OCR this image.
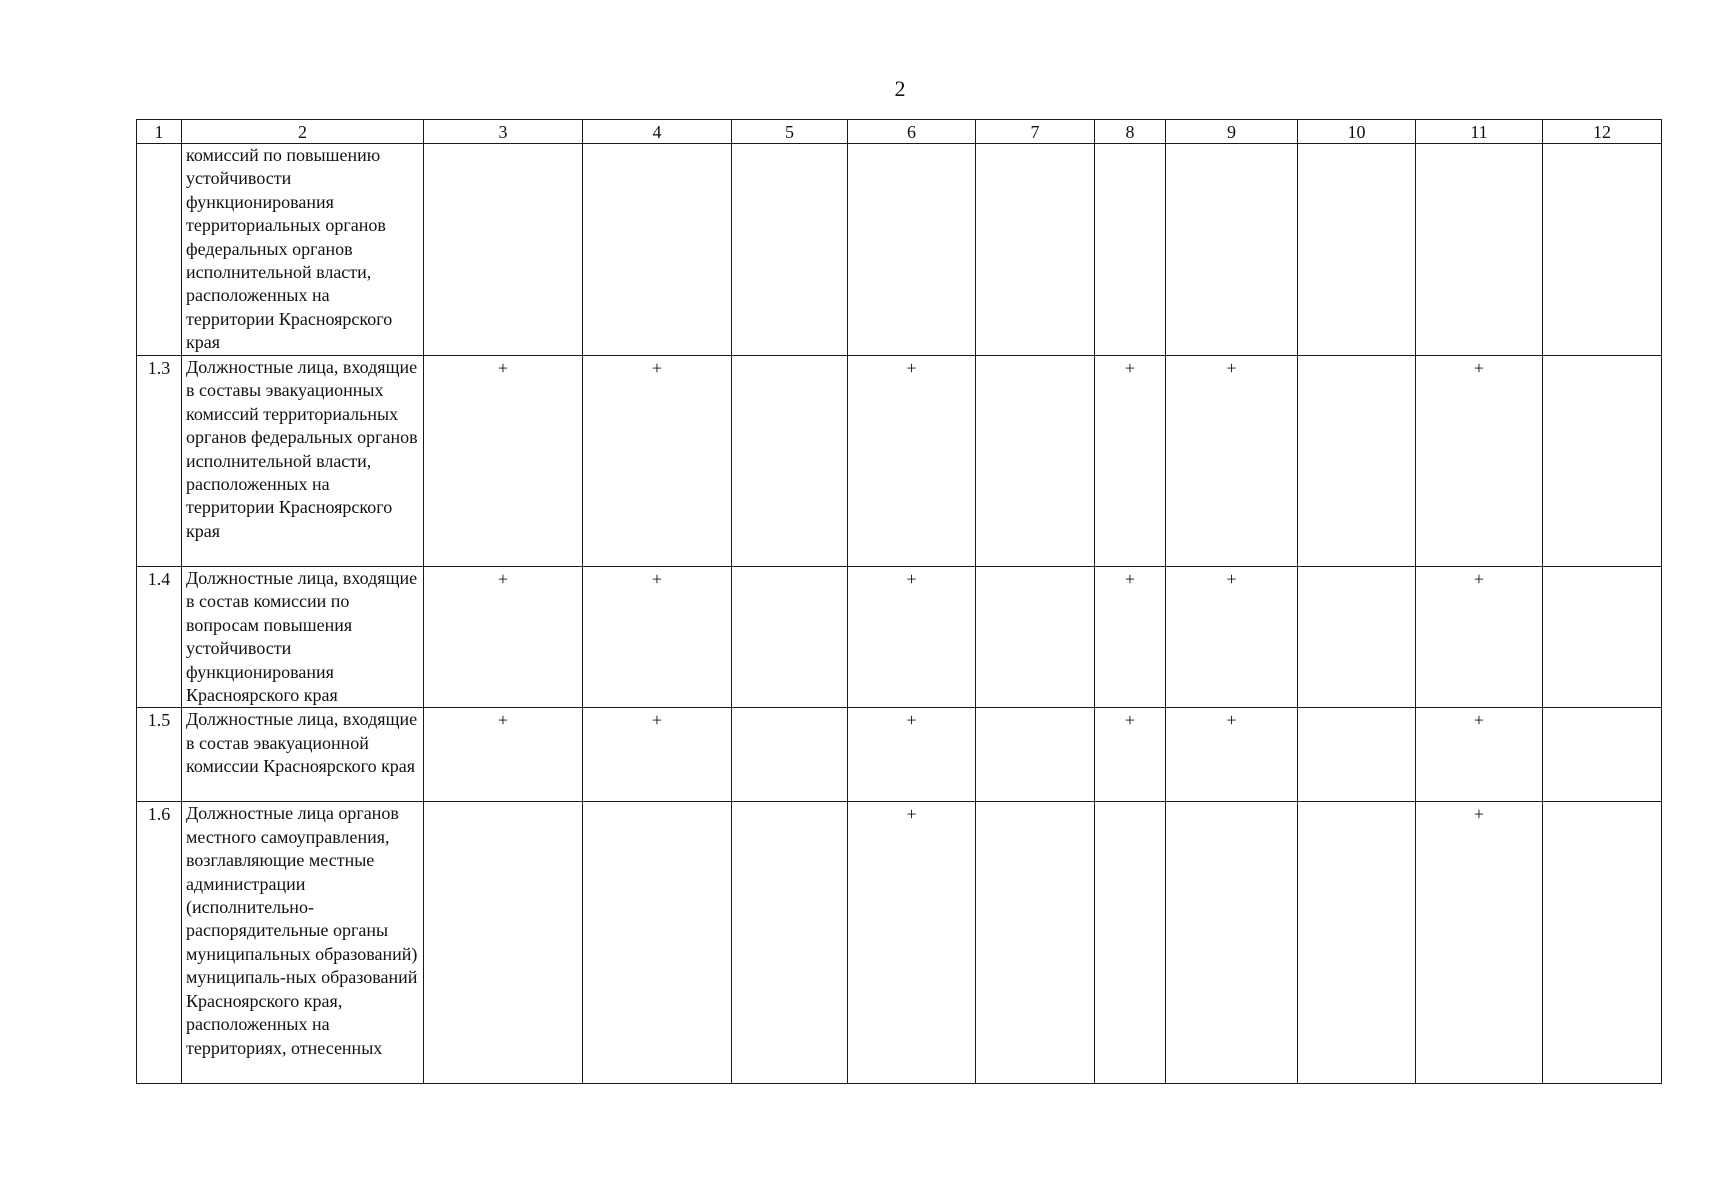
2
1	2	3	4	5	6	7	8	9	10	11	12
	комиссий по повышению устойчивости функционирования территориальных органов федеральных органов исполнительной власти, расположенных на территории Красноярского края										
1.3	Должностные лица, входящие в составы эвакуационных комиссий территориальных органов федеральных органов исполнительной власти, расположенных на территории Красноярского края	+	+		+		+	+		+	
1.4	Должностные лица, входящие в состав комиссии по вопросам повышения устойчивости функционирования Красноярского края	+	+		+		+	+		+	
1.5	Должностные лица, входящие в состав эвакуационной комиссии Красноярского края	+	+		+		+	+		+	
1.6	Должностные лица органов местного самоуправления, возглавляющие местные администрации (исполнительно-распорядительные органы муниципальных образований) муниципаль-ных образований Красноярского края, расположенных на территориях, отнесенных				+					+	
